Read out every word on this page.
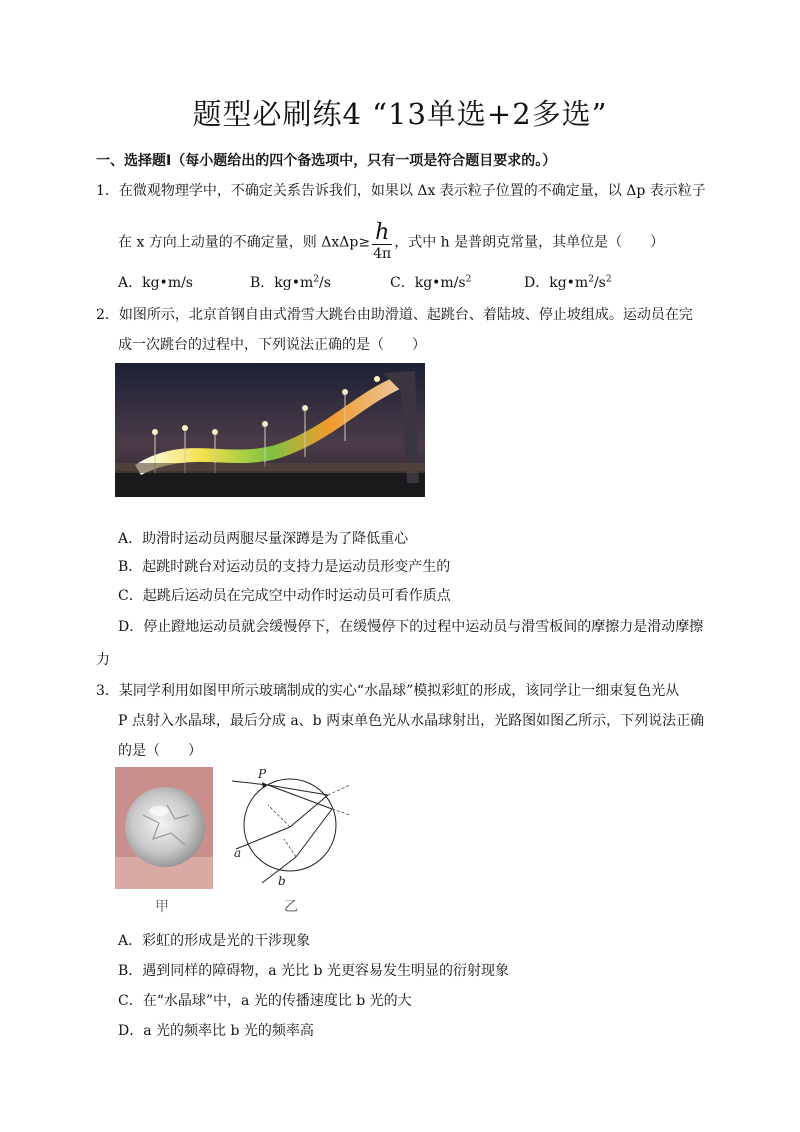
题型必刷练4 “13单选+2多选”
一、选择题Ⅰ（每小题给出的四个备选项中，只有一项是符合题目要求的。）
1．在微观物理学中，不确定关系告诉我们，如果以 Δx 表示粒子位置的不确定量，以 Δp 表示粒子
在 x 方向上动量的不确定量，则 $\Delta x\Delta p\ge \frac{h}{4\pi}$ ，式中 h 是普朗克常量，其单位是（　　）
A．kg•m/s	B．$kg•m^2/s$	C．$kg•m/s^2$	D．$kg•m^2/s^2$
2．如图所示，北京首钢自由式滑雪大跳台由助滑道、起跳台、着陆坡、停止坡组成。运动员在完
成一次跳台的过程中，下列说法正确的是（　　）
A．助滑时运动员两腿尽量深蹲是为了降低重心
B．起跳时跳台对运动员的支持力是运动员形变产生的
C．起跳后运动员在完成空中动作时运动员可看作质点
D．停止蹬地运动员就会缓慢停下，在缓慢停下的过程中运动员与滑雪板间的摩擦力是滑动摩擦
力
3．某同学利用如图甲所示玻璃制成的实心“水晶球”模拟彩虹的形成，该同学让一细束复色光从
P 点射入水晶球，最后分成 a、b 两束单色光从水晶球射出，光路图如图乙所示，下列说法正确
的是（　　）
P
a
b
甲	乙
A．彩虹的形成是光的干涉现象
B．遇到同样的障碍物，a 光比 b 光更容易发生明显的衍射现象
C．在“水晶球”中，a 光的传播速度比 b 光的大
D．a 光的频率比 b 光的频率高
